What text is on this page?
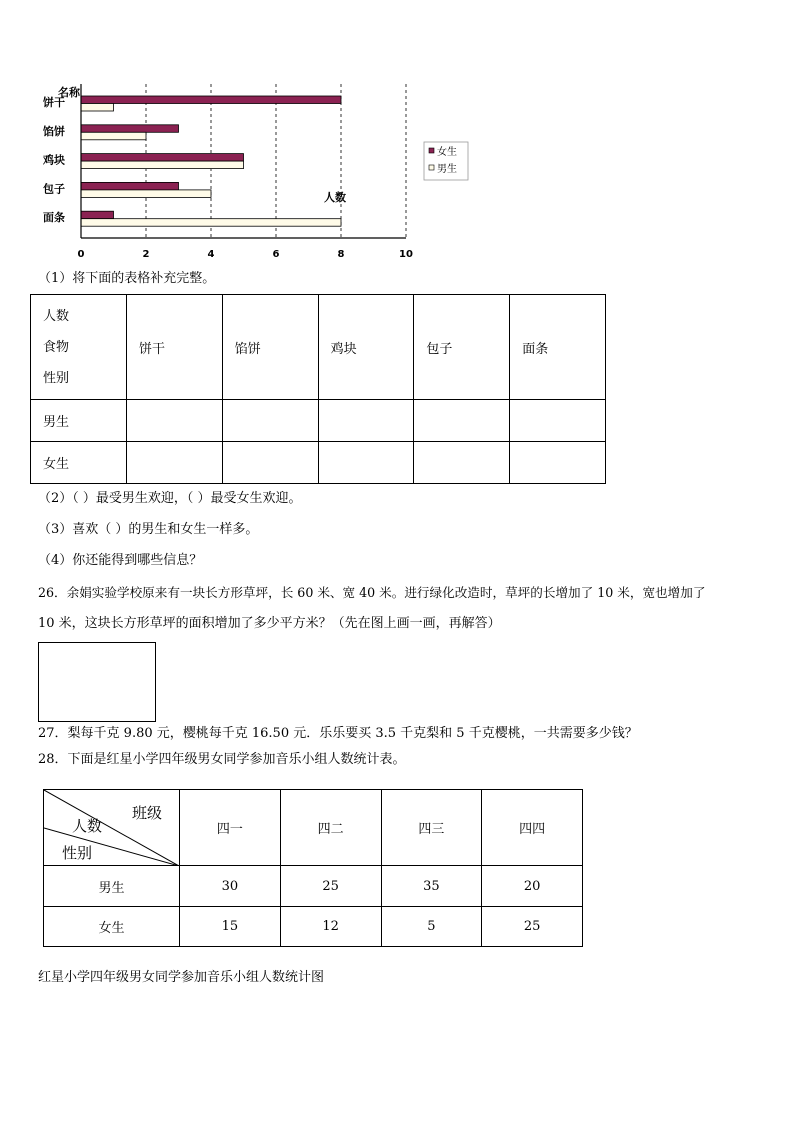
名称
饼干
馅饼
鸡块
包子
面条
0	2	4	6	8	10
人数
女生
男生
（1）将下面的表格补充完整。
人数
食物
性别	饼干	馅饼	鸡块	包子	面条
男生					
女生					
（2）（ ）最受男生欢迎，（ ）最受女生欢迎。
（3）喜欢（ ）的男生和女生一样多。
（4）你还能得到哪些信息？
26．余娟实验学校原来有一块长方形草坪，长 60 米、宽 40 米。进行绿化改造时，草坪的长增加了 10 米，宽也增加了
10 米，这块长方形草坪的面积增加了多少平方米？（先在图上画一画，再解答）
27．梨每千克 9.80 元，樱桃每千克 16.50 元．乐乐要买 3.5 千克梨和 5 千克樱桃，一共需要多少钱？
28．下面是红星小学四年级男女同学参加音乐小组人数统计表。
班级
人数
性别	四一	四二	四三	四四
男生	30	25	35	20
女生	15	12	5	25
红星小学四年级男女同学参加音乐小组人数统计图
